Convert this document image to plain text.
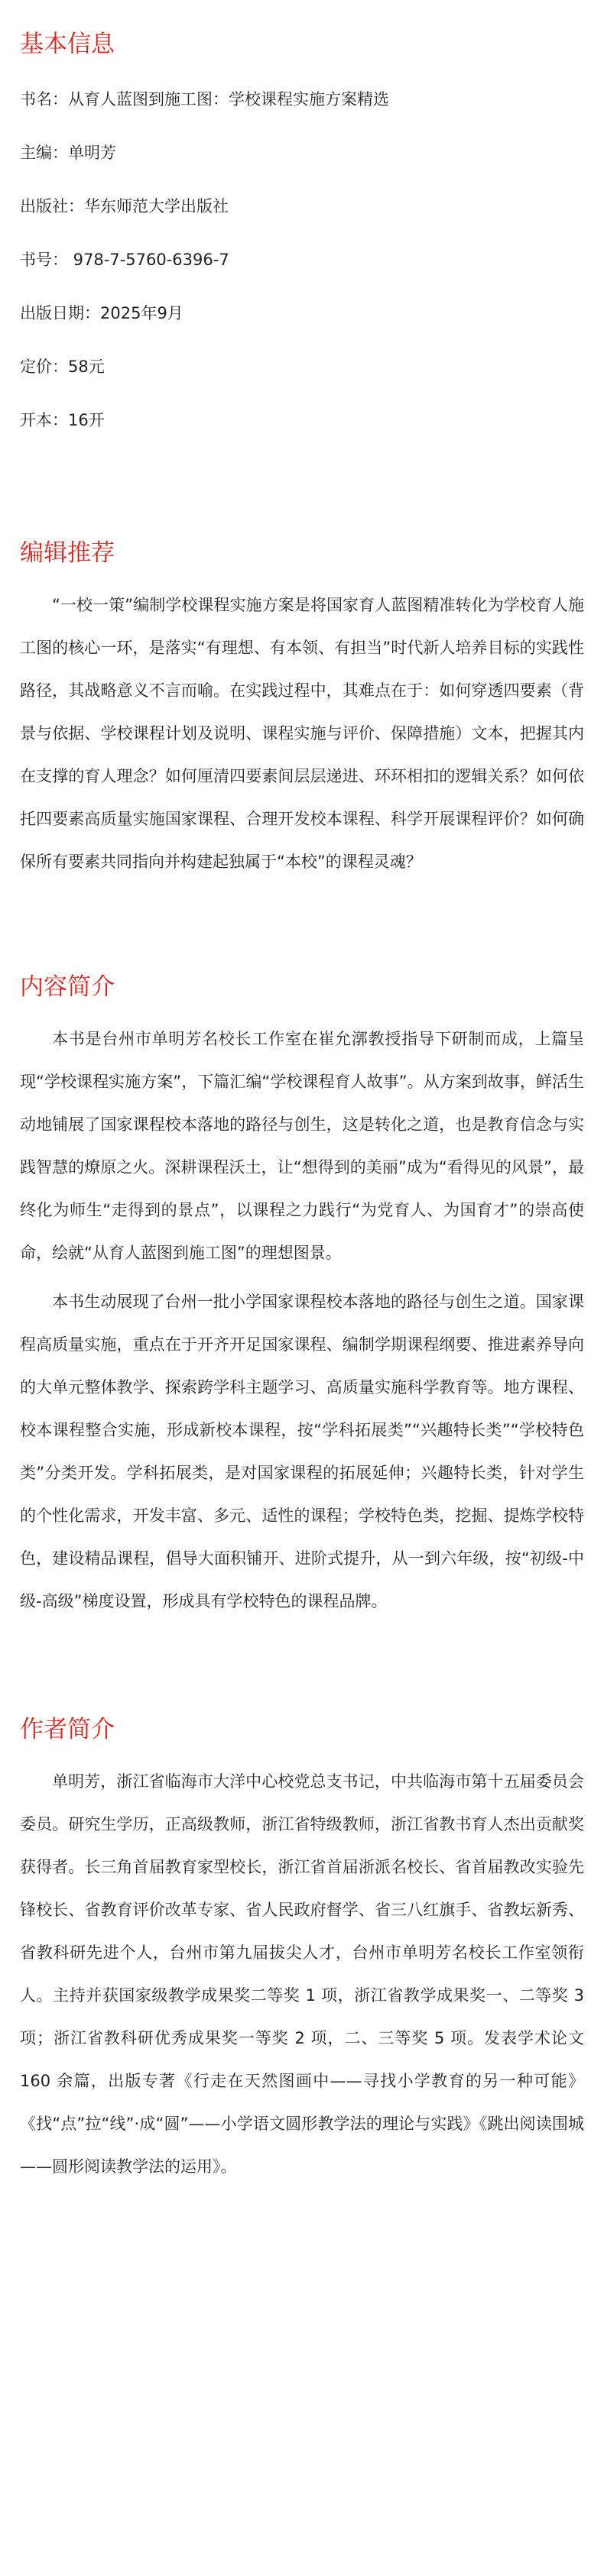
基本信息

书名：从育人蓝图到施工图：学校课程实施方案精选

主编：单明芳

出版社：华东师范大学出版社

书号： 978-7-5760-6396-7

出版日期：2025年9月

定价：58元

开本：16开

编辑推荐

“一校一策”编制学校课程实施方案是将国家育人蓝图精准转化为学校育人施工图的核心一环，是落实“有理想、有本领、有担当”时代新人培养目标的实践性路径，其战略意义不言而喻。在实践过程中，其难点在于：如何穿透四要素（背景与依据、学校课程计划及说明、课程实施与评价、保障措施）文本，把握其内在支撑的育人理念？如何厘清四要素间层层递进、环环相扣的逻辑关系？如何依托四要素高质量实施国家课程、合理开发校本课程、科学开展课程评价？如何确保所有要素共同指向并构建起独属于“本校”的课程灵魂？

内容简介

本书是台州市单明芳名校长工作室在崔允漷教授指导下研制而成，上篇呈现“学校课程实施方案”，下篇汇编“学校课程育人故事”。从方案到故事，鲜活生动地铺展了国家课程校本落地的路径与创生，这是转化之道，也是教育信念与实践智慧的燎原之火。深耕课程沃土，让“想得到的美丽”成为“看得见的风景”，最终化为师生“走得到的景点”，以课程之力践行“为党育人、为国育才”的崇高使命，绘就“从育人蓝图到施工图”的理想图景。

本书生动展现了台州一批小学国家课程校本落地的路径与创生之道。国家课程高质量实施，重点在于开齐开足国家课程、编制学期课程纲要、推进素养导向的大单元整体教学、探索跨学科主题学习、高质量实施科学教育等。地方课程、校本课程整合实施，形成新校本课程，按“学科拓展类”“兴趣特长类”“学校特色类”分类开发。学科拓展类，是对国家课程的拓展延伸；兴趣特长类，针对学生的个性化需求，开发丰富、多元、适性的课程；学校特色类，挖掘、提炼学校特色，建设精品课程，倡导大面积铺开、进阶式提升，从一到六年级，按“初级-中级-高级”梯度设置，形成具有学校特色的课程品牌。

作者简介

单明芳，浙江省临海市大洋中心校党总支书记，中共临海市第十五届委员会委员。研究生学历，正高级教师，浙江省特级教师，浙江省教书育人杰出贡献奖获得者。长三角首届教育家型校长，浙江省首届浙派名校长、省首届教改实验先锋校长、省教育评价改革专家、省人民政府督学、省三八红旗手、省教坛新秀、省教科研先进个人，台州市第九届拔尖人才，台州市单明芳名校长工作室领衔人。主持并获国家级教学成果奖二等奖 1 项，浙江省教学成果奖一、二等奖 3 项；浙江省教科研优秀成果奖一等奖 2 项，二、三等奖 5 项。发表学术论文 160 余篇，出版专著《行走在天然图画中——寻找小学教育的另一种可能》《找“点”拉“线”·成“圆”——小学语文圆形教学法的理论与实践》《跳出阅读围城——圆形阅读教学法的运用》。
